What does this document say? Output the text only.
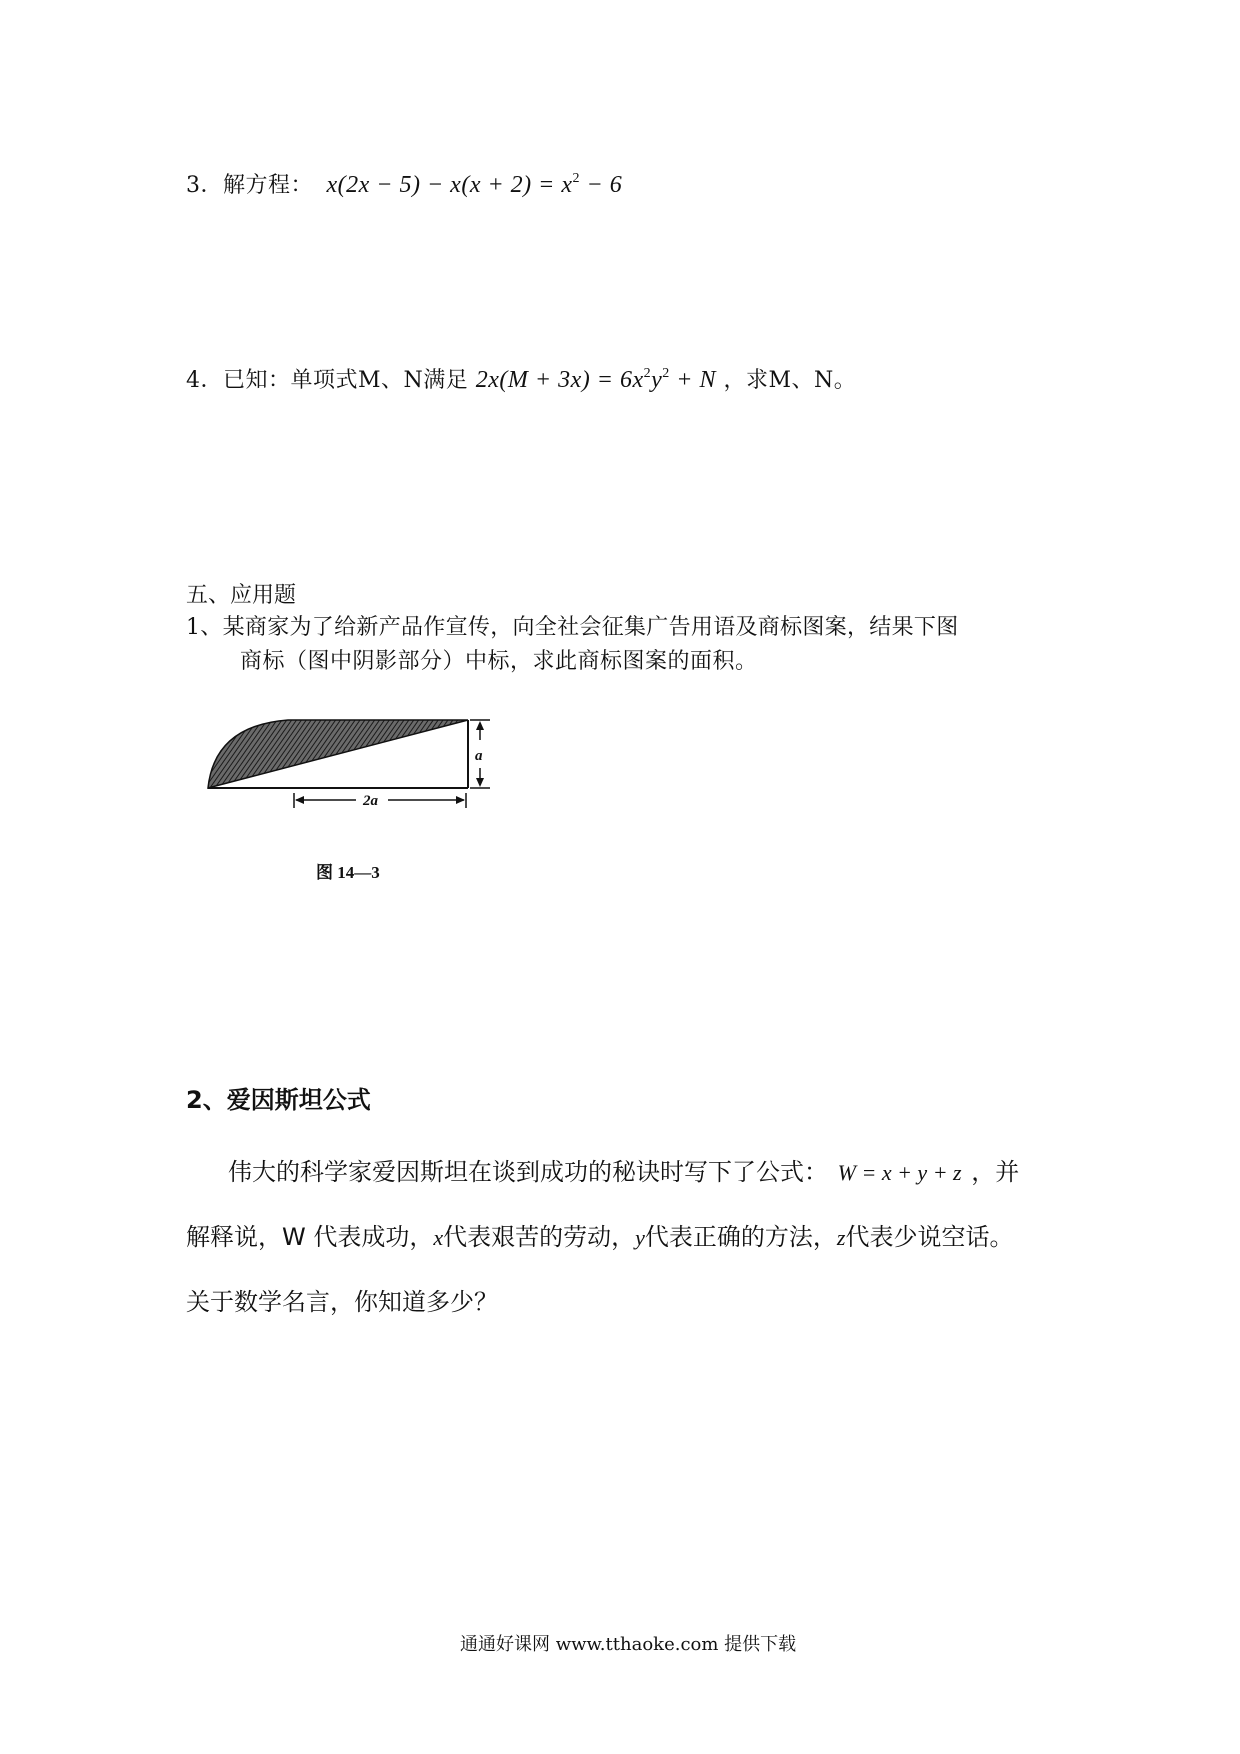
3．解方程： $x(2x - 5) - x(x + 2) = x^2 - 6$
4．已知：单项式M、N满足 $2x(M + 3x) = 6x^2y^2 + N$ ，求M、N。
五、应用题
1、某商家为了给新产品作宣传，向全社会征集广告用语及商标图案，结果下图
商标（图中阴影部分）中标，求此商标图案的面积。
a
2a
图 14—3
2、爱因斯坦公式
伟大的科学家爱因斯坦在谈到成功的秘诀时写下了公式： W = x + y + z ，并
解释说，W 代表成功，x代表艰苦的劳动，y代表正确的方法，z代表少说空话。
关于数学名言，你知道多少？
通通好课网 www.tthaoke.com 提供下载
